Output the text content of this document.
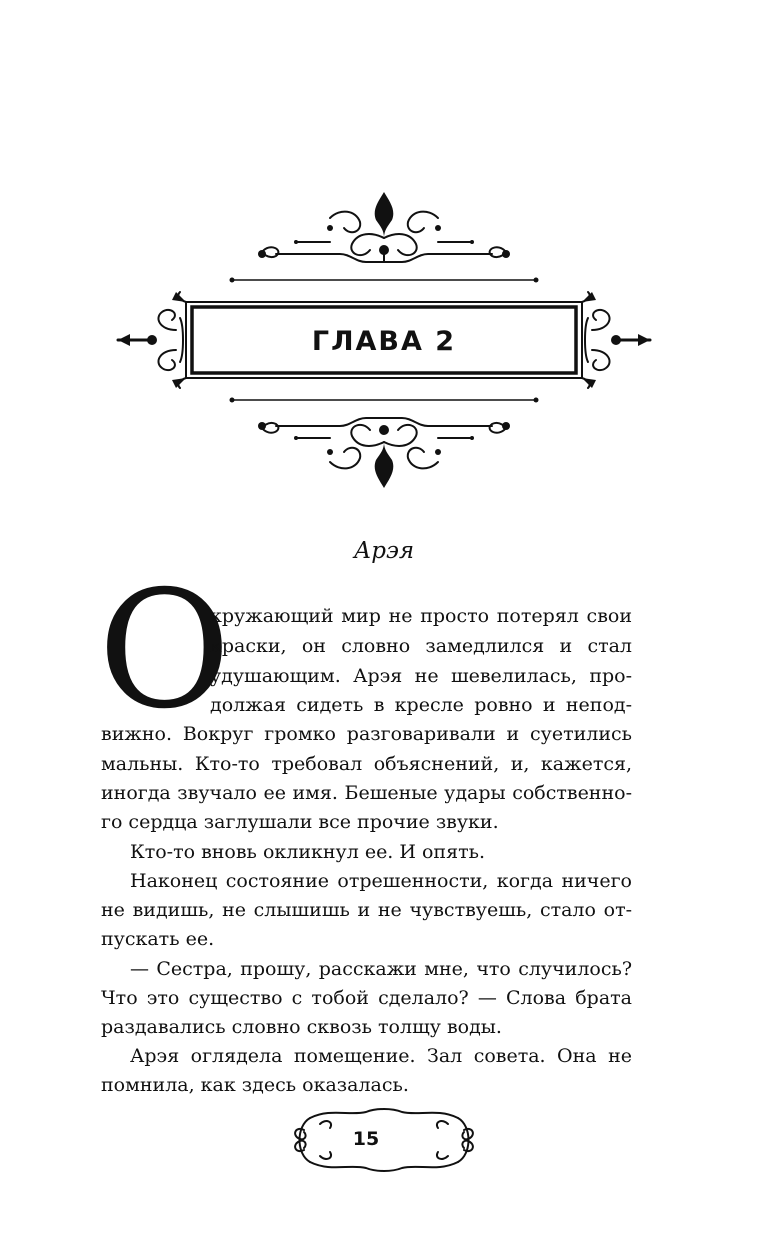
ГЛАВА 2
Арэя
О
кружающий мир не просто потерял свои
краски, он словно замедлился и стал
удушающим. Арэя не шевелилась, про-
должая сидеть в кресле ровно и непод-
вижно. Вокруг громко разговаривали и суетились
мальны. Кто-то требовал объяснений, и, кажется,
иногда звучало ее имя. Бешеные удары собственно-
го сердца заглушали все прочие звуки.
Кто-то вновь окликнул ее. И опять.
Наконец состояние отрешенности, когда ничего
не видишь, не слышишь и не чувствуешь, стало от-
пускать ее.
— Сестра, прошу, расскажи мне, что случилось?
Что это существо с тобой сделало? — Слова брата
раздавались словно сквозь толщу воды.
Арэя оглядела помещение. Зал совета. Она не
помнила, как здесь оказалась.
15
